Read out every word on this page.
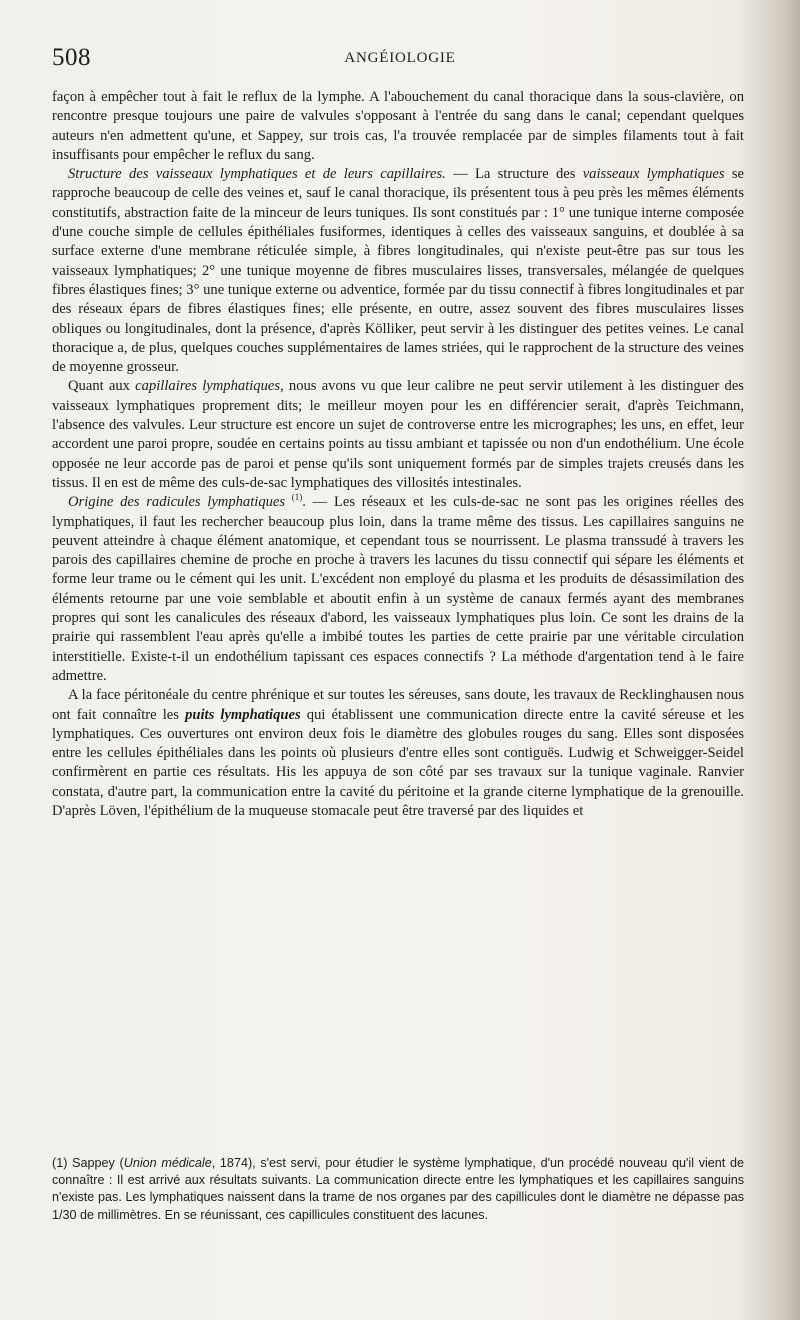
508	ANGÉIOLOGIE

façon à empêcher tout à fait le reflux de la lymphe. A l'abouchement du canal thoracique dans la sous-clavière, on rencontre presque toujours une paire de valvules s'opposant à l'entrée du sang dans le canal; cependant quelques auteurs n'en admettent qu'une, et Sappey, sur trois cas, l'a trouvée remplacée par de simples filaments tout à fait insuffisants pour empêcher le reflux du sang.

Structure des vaisseaux lymphatiques et de leurs capillaires. — La structure des vaisseaux lymphatiques se rapproche beaucoup de celle des veines et, sauf le canal thoracique, ils présentent tous à peu près les mêmes éléments constitutifs, abstraction faite de la minceur de leurs tuniques. Ils sont constitués par : 1° une tunique interne composée d'une couche simple de cellules épithéliales fusiformes, identiques à celles des vaisseaux sanguins, et doublée à sa surface externe d'une membrane réticulée simple, à fibres longitudinales, qui n'existe peut-être pas sur tous les vaisseaux lymphatiques; 2° une tunique moyenne de fibres musculaires lisses, transversales, mélangée de quelques fibres élastiques fines; 3° une tunique externe ou adventice, formée par du tissu connectif à fibres longitudinales et par des réseaux épars de fibres élastiques fines; elle présente, en outre, assez souvent des fibres musculaires lisses obliques ou longitudinales, dont la présence, d'après Kölliker, peut servir à les distinguer des petites veines. Le canal thoracique a, de plus, quelques couches supplémentaires de lames striées, qui le rapprochent de la structure des veines de moyenne grosseur.

Quant aux capillaires lymphatiques, nous avons vu que leur calibre ne peut servir utilement à les distinguer des vaisseaux lymphatiques proprement dits; le meilleur moyen pour les en différencier serait, d'après Teichmann, l'absence des valvules. Leur structure est encore un sujet de controverse entre les micrographes; les uns, en effet, leur accordent une paroi propre, soudée en certains points au tissu ambiant et tapissée ou non d'un endothélium. Une école opposée ne leur accorde pas de paroi et pense qu'ils sont uniquement formés par de simples trajets creusés dans les tissus. Il en est de même des culs-de-sac lymphatiques des villosités intestinales.

Origine des radicules lymphatiques $^{(1)}$. — Les réseaux et les culs-de-sac ne sont pas les origines réelles des lymphatiques, il faut les rechercher beaucoup plus loin, dans la trame même des tissus. Les capillaires sanguins ne peuvent atteindre à chaque élément anatomique, et cependant tous se nourrissent. Le plasma transsudé à travers les parois des capillaires chemine de proche en proche à travers les lacunes du tissu connectif qui sépare les éléments et forme leur trame ou le cément qui les unit. L'excédent non employé du plasma et les produits de désassimilation des éléments retourne par une voie semblable et aboutit enfin à un système de canaux fermés ayant des membranes propres qui sont les canalicules des réseaux d'abord, les vaisseaux lymphatiques plus loin. Ce sont les drains de la prairie qui rassemblent l'eau après qu'elle a imbibé toutes les parties de cette prairie par une véritable circulation interstitielle. Existe-t-il un endothélium tapissant ces espaces connectifs ? La méthode d'argentation tend à le faire admettre.

A la face péritonéale du centre phrénique et sur toutes les séreuses, sans doute, les travaux de Recklinghausen nous ont fait connaître les puits lymphatiques qui établissent une communication directe entre la cavité séreuse et les lymphatiques. Ces ouvertures ont environ deux fois le diamètre des globules rouges du sang. Elles sont disposées entre les cellules épithéliales dans les points où plusieurs d'entre elles sont contiguës. Ludwig et Schweigger-Seidel confirmèrent en partie ces résultats. His les appuya de son côté par ses travaux sur la tunique vaginale. Ranvier constata, d'autre part, la communication entre la cavité du péritoine et la grande citerne lymphatique de la grenouille. D'après Löven, l'épithélium de la muqueuse stomacale peut être traversé par des liquides et

(1) Sappey (Union médicale, 1874), s'est servi, pour étudier le système lymphatique, d'un procédé nouveau qu'il vient de connaître : Il est arrivé aux résultats suivants. La communication directe entre les lymphatiques et les capillaires sanguins n'existe pas. Les lymphatiques naissent dans la trame de nos organes par des capillicules dont le diamètre ne dépasse pas 1/30 de millimètres. En se réunissant, ces capillicules constituent des lacunes.
